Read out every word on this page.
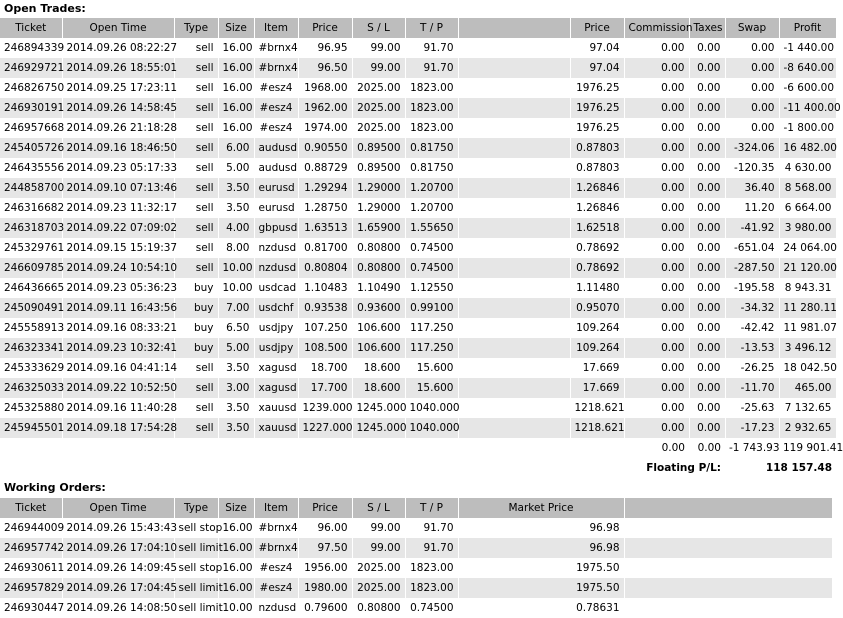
Open Trades:
Ticket	Open Time	Type	Size	Item	Price	S / L	T / P		Price	Commission	Taxes	Swap	Profit
246894339	2014.09.26 08:22:27	sell	16.00	#brnx4	96.95	99.00	91.70		97.04	0.00	0.00	0.00	-1 440.00
246929721	2014.09.26 18:55:01	sell	16.00	#brnx4	96.50	99.00	91.70		97.04	0.00	0.00	0.00	-8 640.00
246826750	2014.09.25 17:23:11	sell	16.00	#esz4	1968.00	2025.00	1823.00		1976.25	0.00	0.00	0.00	-6 600.00
246930191	2014.09.26 14:58:45	sell	16.00	#esz4	1962.00	2025.00	1823.00		1976.25	0.00	0.00	0.00	-11 400.00
246957668	2014.09.26 21:18:28	sell	16.00	#esz4	1974.00	2025.00	1823.00		1976.25	0.00	0.00	0.00	-1 800.00
245405726	2014.09.16 18:46:50	sell	6.00	audusd	0.90550	0.89500	0.81750		0.87803	0.00	0.00	-324.06	16 482.00
246435556	2014.09.23 05:17:33	sell	5.00	audusd	0.88729	0.89500	0.81750		0.87803	0.00	0.00	-120.35	4 630.00
244858700	2014.09.10 07:13:46	sell	3.50	eurusd	1.29294	1.29000	1.20700		1.26846	0.00	0.00	36.40	8 568.00
246316682	2014.09.23 11:32:17	sell	3.50	eurusd	1.28750	1.29000	1.20700		1.26846	0.00	0.00	11.20	6 664.00
246318703	2014.09.22 07:09:02	sell	4.00	gbpusd	1.63513	1.65900	1.55650		1.62518	0.00	0.00	-41.92	3 980.00
245329761	2014.09.15 15:19:37	sell	8.00	nzdusd	0.81700	0.80800	0.74500		0.78692	0.00	0.00	-651.04	24 064.00
246609785	2014.09.24 10:54:10	sell	10.00	nzdusd	0.80804	0.80800	0.74500		0.78692	0.00	0.00	-287.50	21 120.00
246436665	2014.09.23 05:36:23	buy	10.00	usdcad	1.10483	1.10490	1.12550		1.11480	0.00	0.00	-195.58	8 943.31
245090491	2014.09.11 16:43:56	buy	7.00	usdchf	0.93538	0.93600	0.99100		0.95070	0.00	0.00	-34.32	11 280.11
245558913	2014.09.16 08:33:21	buy	6.50	usdjpy	107.250	106.600	117.250		109.264	0.00	0.00	-42.42	11 981.07
246323341	2014.09.23 10:32:41	buy	5.00	usdjpy	108.500	106.600	117.250		109.264	0.00	0.00	-13.53	3 496.12
245333629	2014.09.16 04:41:14	sell	3.50	xagusd	18.700	18.600	15.600		17.669	0.00	0.00	-26.25	18 042.50
246325033	2014.09.22 10:52:50	sell	3.00	xagusd	17.700	18.600	15.600		17.669	0.00	0.00	-11.70	465.00
245325880	2014.09.16 11:40:28	sell	3.50	xauusd	1239.000	1245.000	1040.000		1218.621	0.00	0.00	-25.63	7 132.65
245945501	2014.09.18 17:54:28	sell	3.50	xauusd	1227.000	1245.000	1040.000		1218.621	0.00	0.00	-17.23	2 932.65
										0.00	0.00	-1 743.93	119 901.41
										Floating P/L:		118 157.48	
Working Orders:
Ticket	Open Time	Type	Size	Item	Price	S / L	T / P	Market Price	
246944009	2014.09.26 15:43:43	sell stop	16.00	#brnx4	96.00	99.00	91.70	96.98	
246957742	2014.09.26 17:04:10	sell limit	16.00	#brnx4	97.50	99.00	91.70	96.98	
246930611	2014.09.26 14:09:45	sell stop	16.00	#esz4	1956.00	2025.00	1823.00	1975.50	
246957829	2014.09.26 17:04:45	sell limit	16.00	#esz4	1980.00	2025.00	1823.00	1975.50	
246930447	2014.09.26 14:08:50	sell limit	10.00	nzdusd	0.79600	0.80800	0.74500	0.78631	
